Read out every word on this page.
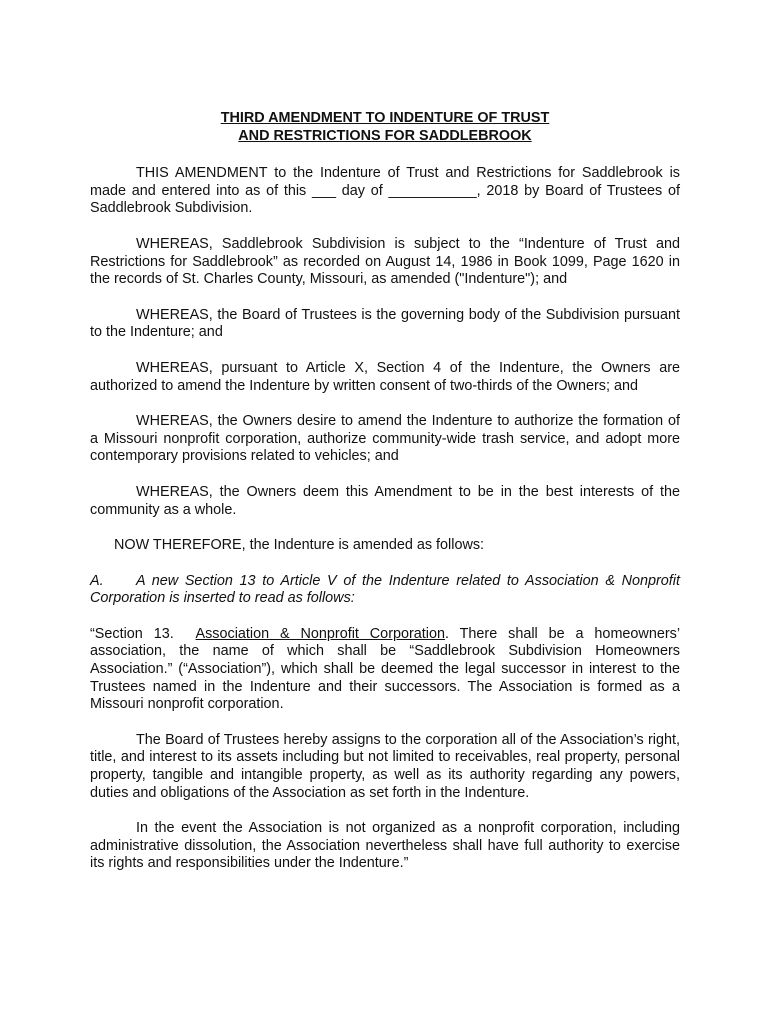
THIRD AMENDMENT TO INDENTURE OF TRUST

AND RESTRICTIONS FOR SADDLEBROOK

THIS AMENDMENT to the Indenture of Trust and Restrictions for Saddlebrook is made and entered into as of this ___ day of ___________, 2018 by Board of Trustees of Saddlebrook Subdivision.

WHEREAS, Saddlebrook Subdivision is subject to the “Indenture of Trust and Restrictions for Saddlebrook” as recorded on August 14, 1986 in Book 1099, Page 1620 in the records of St. Charles County, Missouri, as amended ("Indenture"); and

WHEREAS, the Board of Trustees is the governing body of the Subdivision pursuant to the Indenture; and

WHEREAS, pursuant to Article X, Section 4 of the Indenture, the Owners are authorized to amend the Indenture by written consent of two-thirds of the Owners; and

WHEREAS, the Owners desire to amend the Indenture to authorize the formation of a Missouri nonprofit corporation, authorize community-wide trash service, and adopt more contemporary provisions related to vehicles; and

WHEREAS, the Owners deem this Amendment to be in the best interests of the community as a whole.

NOW THEREFORE, the Indenture is amended as follows:

A. A new Section 13 to Article V of the Indenture related to Association & Nonprofit Corporation is inserted to read as follows:

“Section 13. Association & Nonprofit Corporation. There shall be a homeowners’ association, the name of which shall be “Saddlebrook Subdivision Homeowners Association.” (“Association”), which shall be deemed the legal successor in interest to the Trustees named in the Indenture and their successors. The Association is formed as a Missouri nonprofit corporation.

The Board of Trustees hereby assigns to the corporation all of the Association’s right, title, and interest to its assets including but not limited to receivables, real property, personal property, tangible and intangible property, as well as its authority regarding any powers, duties and obligations of the Association as set forth in the Indenture.

In the event the Association is not organized as a nonprofit corporation, including administrative dissolution, the Association nevertheless shall have full authority to exercise its rights and responsibilities under the Indenture.”
